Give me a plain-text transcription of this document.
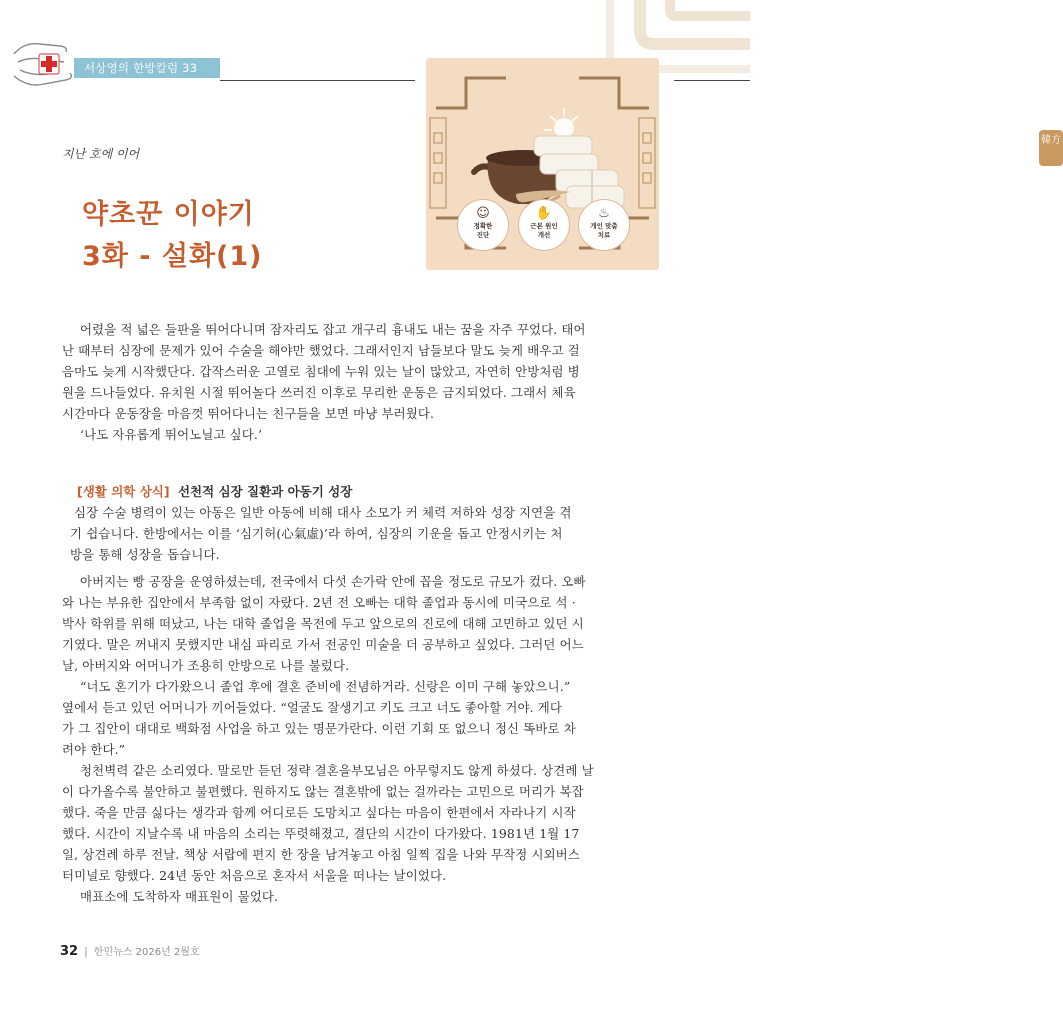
서상영의 한방칼럼 33
지난 호에 이어
약초꾼 이야기
3화 - 설화(1)
韓方
☺
정확한
진단
✋
근본 원인
개선
♨
개인 맞춤
치료
어렸을 적 넓은 들판을 뛰어다니며 잠자리도 잡고 개구리 흉내도 내는 꿈을 자주 꾸었다. 태어
난 때부터 심장에 문제가 있어 수술을 해야만 했었다. 그래서인지 남들보다 말도 늦게 배우고 걸
음마도 늦게 시작했단다. 갑작스러운 고열로 침대에 누워 있는 날이 많았고, 자연히 안방처럼 병
원을 드나들었다. 유치원 시절 뛰어놀다 쓰러진 이후로 무리한 운동은 금지되었다. 그래서 체육
시간마다 운동장을 마음껏 뛰어다니는 친구들을 보면 마냥 부러웠다.
‘나도 자유롭게 뛰어노닐고 싶다.’
[생활 의학 상식] 선천적 심장 질환과 아동기 성장
심장 수술 병력이 있는 아동은 일반 아동에 비해 대사 소모가 커 체력 저하와 성장 지연을 겪
기 쉽습니다. 한방에서는 이를 ‘심기허(心氣虛)’라 하여, 심장의 기운을 돕고 안정시키는 처
방을 통해 성장을 돕습니다.
아버지는 빵 공장을 운영하셨는데, 전국에서 다섯 손가락 안에 꼽을 정도로 규모가 컸다. 오빠
와 나는 부유한 집안에서 부족함 없이 자랐다. 2년 전 오빠는 대학 졸업과 동시에 미국으로 석 ·
박사 학위를 위해 떠났고, 나는 대학 졸업을 목전에 두고 앞으로의 진로에 대해 고민하고 있던 시
기였다. 말은 꺼내지 못했지만 내심 파리로 가서 전공인 미술을 더 공부하고 싶었다. 그러던 어느
날, 아버지와 어머니가 조용히 안방으로 나를 불렀다.
“너도 혼기가 다가왔으니 졸업 후에 결혼 준비에 전념하거라. 신랑은 이미 구해 놓았으니.”
옆에서 듣고 있던 어머니가 끼어들었다. “얼굴도 잘생기고 키도 크고 너도 좋아할 거야. 게다
가 그 집안이 대대로 백화점 사업을 하고 있는 명문가란다. 이런 기회 또 없으니 정신 똑바로 차
려야 한다.”
청천벽력 같은 소리였다. 말로만 듣던 정략 결혼을부모님은 아무렇지도 않게 하셨다. 상견례 날
이 다가올수록 불안하고 불편했다. 원하지도 않는 결혼밖에 없는 걸까라는 고민으로 머리가 복잡
했다. 죽을 만큼 싫다는 생각과 함께 어디로든 도망치고 싶다는 마음이 한편에서 자라나기 시작
했다. 시간이 지날수록 내 마음의 소리는 뚜렷해졌고, 결단의 시간이 다가왔다. 1981년 1월 17
일, 상견례 하루 전날. 책상 서랍에 편지 한 장을 남겨놓고 아침 일찍 집을 나와 무작정 시외버스
터미널로 향했다. 24년 동안 처음으로 혼자서 서울을 떠나는 날이었다.
매표소에 도착하자 매표원이 물었다.
32 | 한민뉴스 2026년 2월호
